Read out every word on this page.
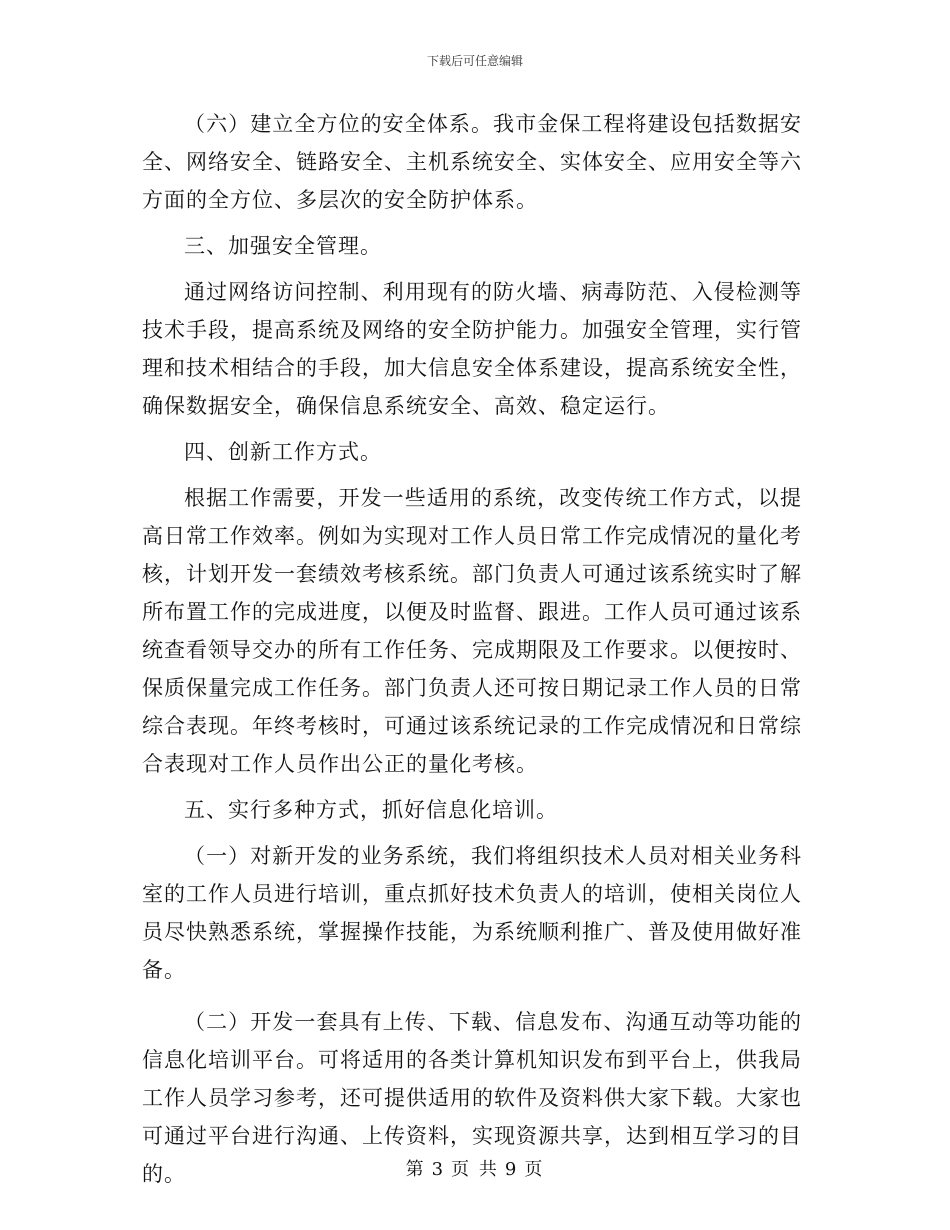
下载后可任意编辑

（六）建立全方位的安全体系。我市金保工程将建设包括数据安全、网络安全、链路安全、主机系统安全、实体安全、应用安全等六方面的全方位、多层次的安全防护体系。

三、加强安全管理。

通过网络访问控制、利用现有的防火墙、病毒防范、入侵检测等技术手段，提高系统及网络的安全防护能力。加强安全管理，实行管理和技术相结合的手段，加大信息安全体系建设，提高系统安全性，确保数据安全，确保信息系统安全、高效、稳定运行。

四、创新工作方式。

根据工作需要，开发一些适用的系统，改变传统工作方式，以提高日常工作效率。例如为实现对工作人员日常工作完成情况的量化考核，计划开发一套绩效考核系统。部门负责人可通过该系统实时了解所布置工作的完成进度，以便及时监督、跟进。工作人员可通过该系统查看领导交办的所有工作任务、完成期限及工作要求。以便按时、保质保量完成工作任务。部门负责人还可按日期记录工作人员的日常综合表现。年终考核时，可通过该系统记录的工作完成情况和日常综合表现对工作人员作出公正的量化考核。

五、实行多种方式，抓好信息化培训。

（一）对新开发的业务系统，我们将组织技术人员对相关业务科室的工作人员进行培训，重点抓好技术负责人的培训，使相关岗位人员尽快熟悉系统，掌握操作技能，为系统顺利推广、普及使用做好准备。

（二）开发一套具有上传、下载、信息发布、沟通互动等功能的信息化培训平台。可将适用的各类计算机知识发布到平台上，供我局工作人员学习参考，还可提供适用的软件及资料供大家下载。大家也可通过平台进行沟通、上传资料，实现资源共享，达到相互学习的目的。	第 3 页 共 9 页
